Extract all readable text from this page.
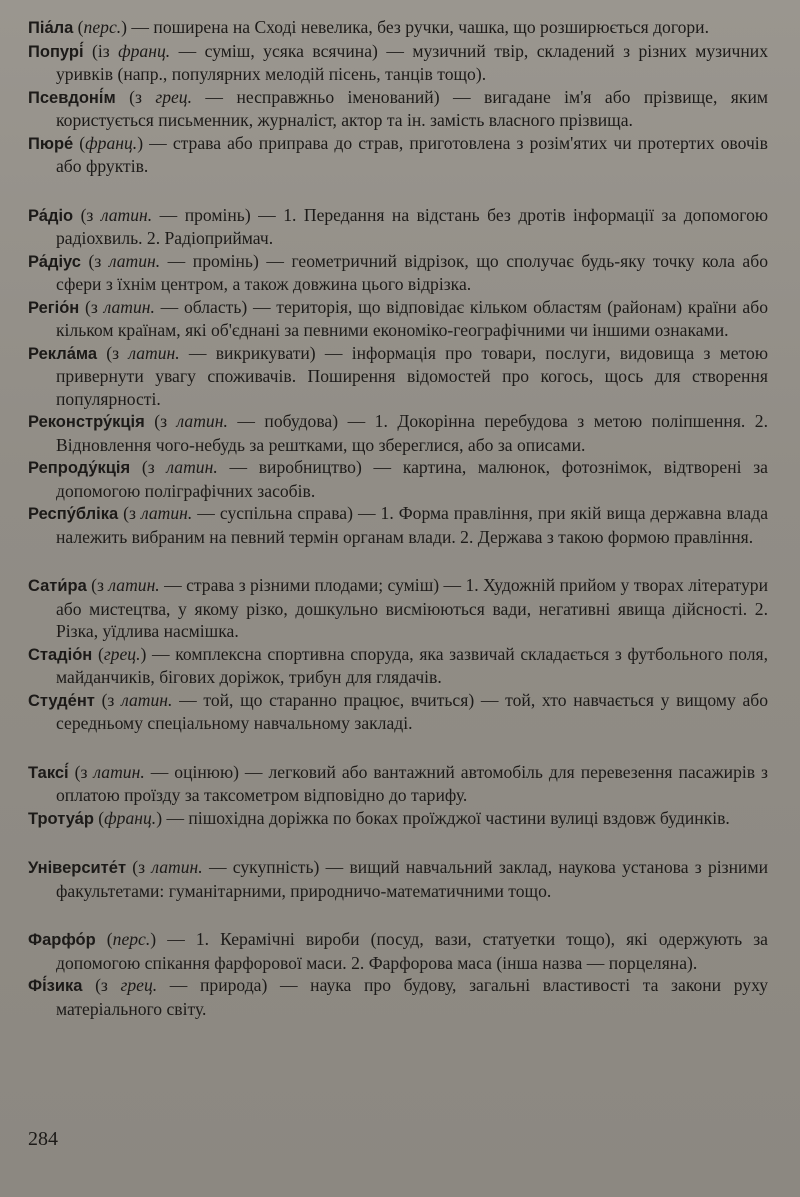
Піа́ла (перс.) — поширена на Сході невелика, без ручки, чашка, що розширюється догори.

Попурі́ (із франц. — суміш, усяка всячина) — музичний твір, складений з різних музичних уривків (напр., популярних мелодій пісень, танців тощо).

Псевдоні́м (з грец. — несправжньо іменований) — вигадане ім'я або прізвище, яким користується письменник, журналіст, актор та ін. замість власного прізвища.

Пюре́ (франц.) — страва або приправа до страв, приготовлена з розім'ятих чи протертих овочів або фруктів.

Ра́діо (з латин. — промінь) — 1. Передання на відстань без дротів інформації за допомогою радіохвиль. 2. Радіоприймач.

Ра́діус (з латин. — промінь) — геометричний відрізок, що сполучає будь-яку точку кола або сфери з їхнім центром, а також довжина цього відрізка.

Регіо́н (з латин. — область) — територія, що відповідає кільком областям (районам) країни або кільком країнам, які об'єднані за певними економіко-географічними чи іншими ознаками.

Рекла́ма (з латин. — викрикувати) — інформація про товари, послуги, видовища з метою привернути увагу споживачів. Поширення відомостей про когось, щось для створення популярності.

Реконстру́кція (з латин. — побудова) — 1. Докорінна перебудова з метою поліпшення. 2. Відновлення чого-небудь за рештками, що збереглися, або за описами.

Репроду́кція (з латин. — виробництво) — картина, малюнок, фотознімок, відтворені за допомогою поліграфічних засобів.

Респу́бліка (з латин. — суспільна справа) — 1. Форма правління, при якій вища державна влада належить вибраним на певний термін органам влади. 2. Держава з такою формою правління.

Сати́ра (з латин. — страва з різними плодами; суміш) — 1. Художній прийом у творах літератури або мистецтва, у якому різко, дошкульно висміюються вади, негативні явища дійсності. 2. Різка, уїдлива насмішка.

Стадіо́н (грец.) — комплексна спортивна споруда, яка зазвичай складається з футбольного поля, майданчиків, бігових доріжок, трибун для глядачів.

Студе́нт (з латин. — той, що старанно працює, вчиться) — той, хто навчається у вищому або середньому спеціальному навчальному закладі.

Таксі́ (з латин. — оцінюю) — легковий або вантажний автомобіль для перевезення пасажирів з оплатою проїзду за таксометром відповідно до тарифу.

Тротуа́р (франц.) — пішохідна доріжка по боках проїжджої частини вулиці вздовж будинків.

Університе́т (з латин. — сукупність) — вищий навчальний заклад, наукова установа з різними факультетами: гуманітарними, природничо-математичними тощо.

Фарфо́р (перс.) — 1. Керамічні вироби (посуд, вази, статуетки тощо), які одержують за допомогою спікання фарфорової маси. 2. Фарфорова маса (інша назва — порцеляна).

Фі́зика (з грец. — природа) — наука про будову, загальні властивості та закони руху матеріального світу.

284
